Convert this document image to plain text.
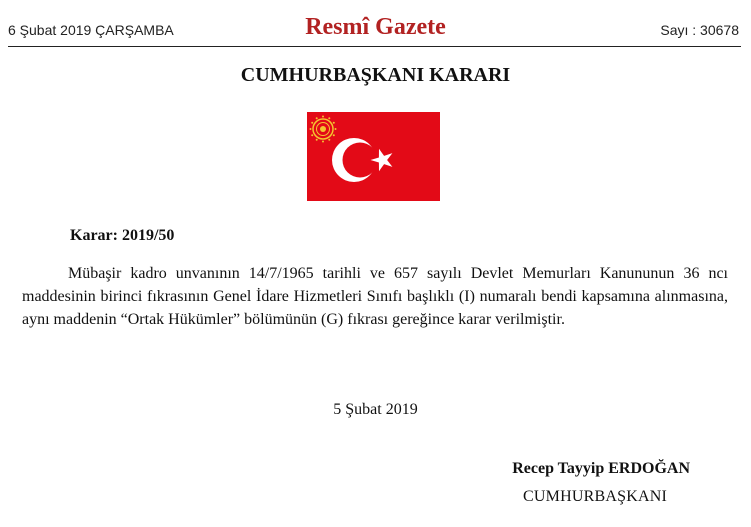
6 Şubat 2019 ÇARŞAMBA	Resmî Gazete	Sayı : 30678
CUMHURBAŞKANI KARARI
Karar: 2019/50
Mübaşir kadro unvanının 14/7/1965 tarihli ve 657 sayılı Devlet Memurları Kanununun 36 ncı maddesinin birinci fıkrasının Genel İdare Hizmetleri Sınıfı başlıklı (I) numaralı bendi kapsamına alınmasına, aynı maddenin “Ortak Hükümler” bölümünün (G) fıkrası gereğince karar verilmiştir.
5 Şubat 2019
Recep Tayyip ERDOĞAN
CUMHURBAŞKANI
